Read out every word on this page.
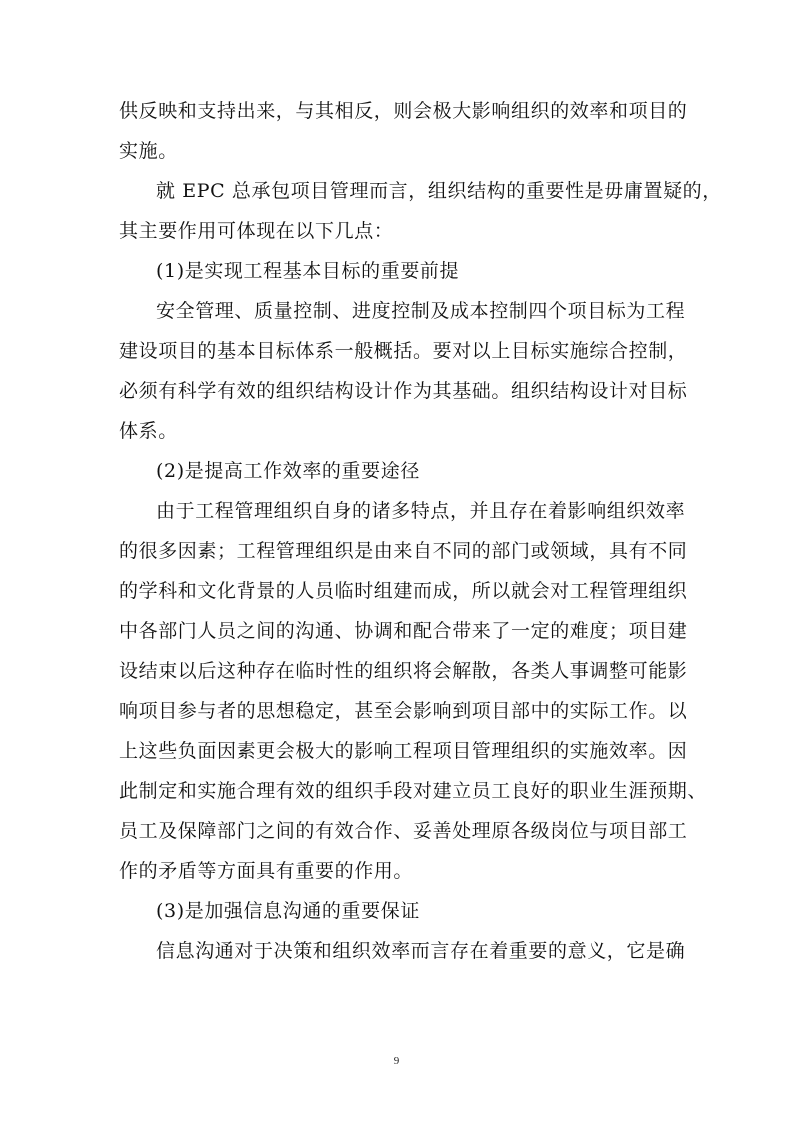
供反映和支持出来，与其相反，则会极大影响组织的效率和项目的
实施。
就 EPC 总承包项目管理而言，组织结构的重要性是毋庸置疑的，
其主要作用可体现在以下几点：
(1)是实现工程基本目标的重要前提
安全管理、质量控制、进度控制及成本控制四个项目标为工程
建设项目的基本目标体系一般概括。要对以上目标实施综合控制，
必须有科学有效的组织结构设计作为其基础。组织结构设计对目标
体系。
(2)是提高工作效率的重要途径
由于工程管理组织自身的诸多特点，并且存在着影响组织效率
的很多因素；工程管理组织是由来自不同的部门或领域，具有不同
的学科和文化背景的人员临时组建而成，所以就会对工程管理组织
中各部门人员之间的沟通、协调和配合带来了一定的难度；项目建
设结束以后这种存在临时性的组织将会解散，各类人事调整可能影
响项目参与者的思想稳定，甚至会影响到项目部中的实际工作。以
上这些负面因素更会极大的影响工程项目管理组织的实施效率。因
此制定和实施合理有效的组织手段对建立员工良好的职业生涯预期、
员工及保障部门之间的有效合作、妥善处理原各级岗位与项目部工
作的矛盾等方面具有重要的作用。
(3)是加强信息沟通的重要保证
信息沟通对于决策和组织效率而言存在着重要的意义，它是确
9
